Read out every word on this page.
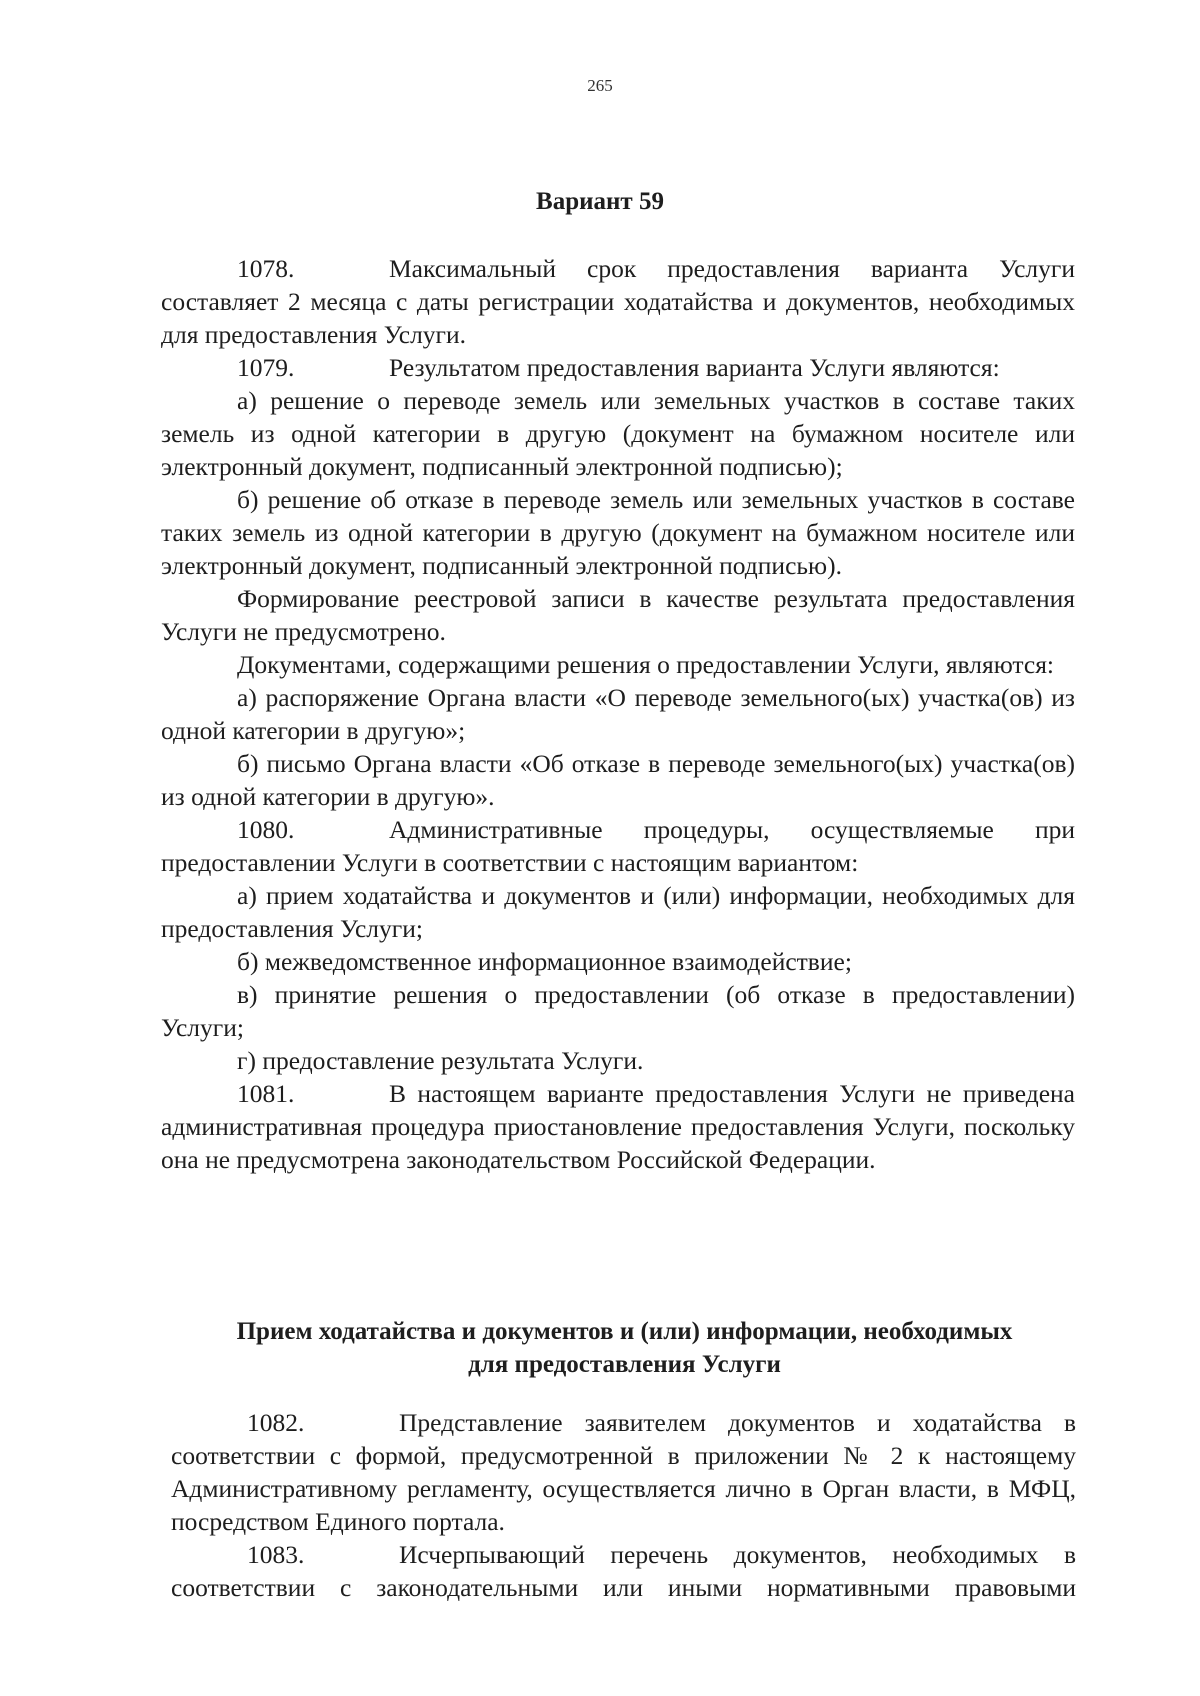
265
Вариант 59

1078.	Максимальный срок предоставления варианта Услуги составляет 2 месяца с даты регистрации ходатайства и документов, необходимых для предоставления Услуги.

1079.	Результатом предоставления варианта Услуги являются:

а) решение о переводе земель или земельных участков в составе таких земель из одной категории в другую (документ на бумажном носителе или электронный документ, подписанный электронной подписью);

б) решение об отказе в переводе земель или земельных участков в составе таких земель из одной категории в другую (документ на бумажном носителе или электронный документ, подписанный электронной подписью).

Формирование реестровой записи в качестве результата предоставления Услуги не предусмотрено.

Документами, содержащими решения о предоставлении Услуги, являются:

а) распоряжение Органа власти «О переводе земельного(ых) участка(ов) из одной категории в другую»;

б) письмо Органа власти «Об отказе в переводе земельного(ых) участка(ов) из одной категории в другую».

1080.	Административные процедуры, осуществляемые при предоставлении Услуги в соответствии с настоящим вариантом:

а) прием ходатайства и документов и (или) информации, необходимых для предоставления Услуги;

б) межведомственное информационное взаимодействие;

в) принятие решения о предоставлении (об отказе в предоставлении) Услуги;

г) предоставление результата Услуги.

1081.	В настоящем варианте предоставления Услуги не приведена административная процедура приостановление предоставления Услуги, поскольку она не предусмотрена законодательством Российской Федерации.

Прием ходатайства и документов и (или) информации, необходимых
для предоставления Услуги

1082.	Представление заявителем документов и ходатайства в соответствии с формой, предусмотренной в приложении № 2 к настоящему Административному регламенту, осуществляется лично в Орган власти, в МФЦ, посредством Единого портала.

1083.	Исчерпывающий перечень документов, необходимых в соответствии с законодательными или иными нормативными правовыми
